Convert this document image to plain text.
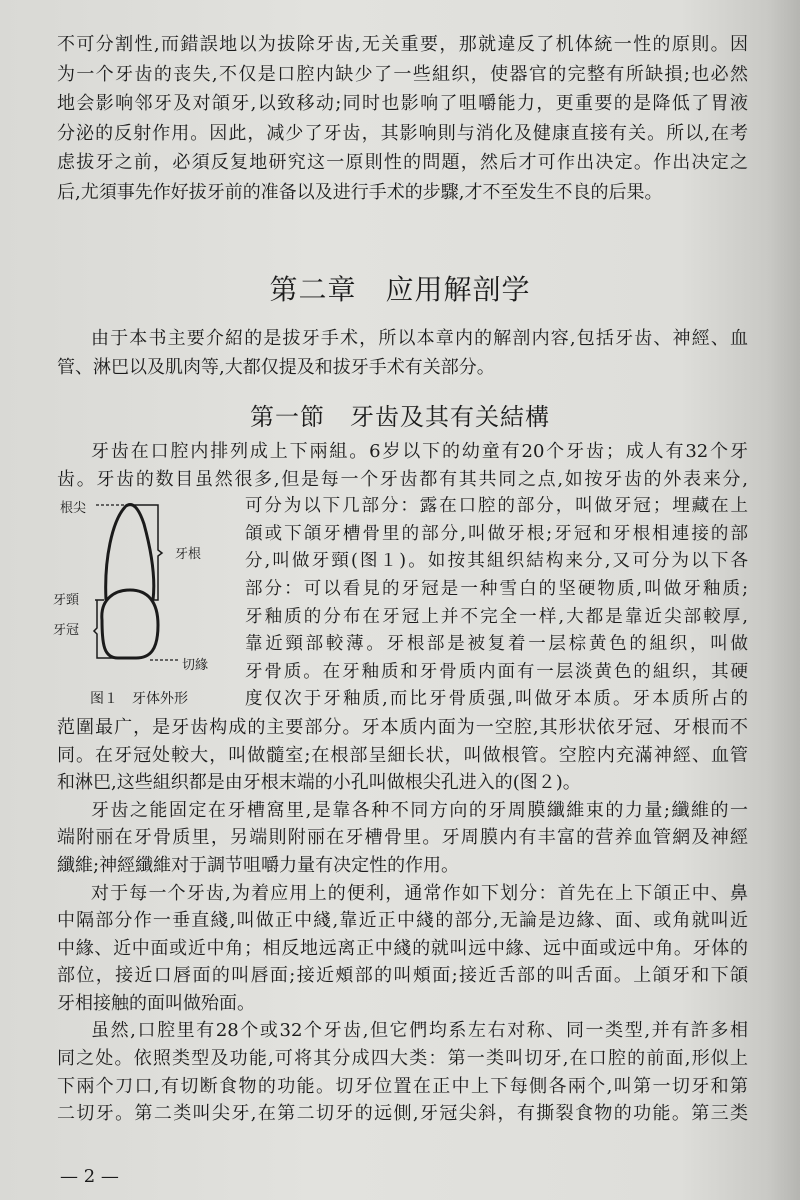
不可分割性,而錯誤地以为拔除牙齿,无关重要，那就違反了机体統一性的原則。因
为一个牙齿的丧失,不仅是口腔内缺少了一些組织，使器官的完整有所缺損;也必然
地会影响邻牙及对頜牙,以致移动;同时也影响了咀嚼能力，更重要的是降低了胃液
分泌的反射作用。因此，减少了牙齿，其影响則与消化及健康直接有关。所以,在考
虑拔牙之前，必須反复地研究这一原則性的問題，然后才可作出决定。作出决定之
后,尤須事先作好拔牙前的准备以及进行手术的步驟,才不至发生不良的后果。
第二章　应用解剖学
由于本书主要介紹的是拔牙手术，所以本章内的解剖内容,包括牙齿、神經、血
管、淋巴以及肌肉等,大都仅提及和拔牙手术有关部分。
第一節　牙齿及其有关結構
牙齿在口腔内排列成上下兩組。6岁以下的幼童有20个牙齿；成人有32个牙
齿。牙齿的数目虽然很多,但是每一个牙齿都有其共同之点,如按牙齿的外表来分,
可分为以下几部分：露在口腔的部分，叫做牙冠；埋藏在上
頜或下頜牙槽骨里的部分,叫做牙根;牙冠和牙根相連接的部
分,叫做牙頸(图１)。如按其組织結构来分,又可分为以下各
部分：可以看見的牙冠是一种雪白的坚硬物质,叫做牙釉质;
牙釉质的分布在牙冠上并不完全一样,大都是靠近尖部較厚,
靠近頸部較薄。牙根部是被复着一层棕黄色的組织，叫做
牙骨质。在牙釉质和牙骨质内面有一层淡黄色的組织，其硬
度仅次于牙釉质,而比牙骨质强,叫做牙本质。牙本质所占的
范圍最广，是牙齿构成的主要部分。牙本质内面为一空腔,其形状依牙冠、牙根而不
同。在牙冠处較大，叫做髓室;在根部呈細长状，叫做根管。空腔内充滿神經、血管
和淋巴,这些組织都是由牙根末端的小孔叫做根尖孔进入的(图２)。
牙齿之能固定在牙槽窩里,是靠各种不同方向的牙周膜纖維束的力量;纖維的一
端附丽在牙骨质里，另端則附丽在牙槽骨里。牙周膜内有丰富的营养血管網及神經
纖維;神經纖維对于調节咀嚼力量有决定性的作用。
对于每一个牙齿,为着应用上的便利，通常作如下划分：首先在上下頜正中、鼻
中隔部分作一垂直綫,叫做正中綫,靠近正中綫的部分,无論是边緣、面、或角就叫近
中緣、近中面或近中角；相反地远离正中綫的就叫远中緣、远中面或远中角。牙体的
部位，接近口唇面的叫唇面;接近頰部的叫頰面;接近舌部的叫舌面。上頜牙和下頜
牙相接触的面叫做殆面。
虽然,口腔里有28个或32个牙齿,但它們均系左右对称、同一类型,并有許多相
同之处。依照类型及功能,可将其分成四大类：第一类叫切牙,在口腔的前面,形似上
下兩个刀口,有切断食物的功能。切牙位置在正中上下每側各兩个,叫第一切牙和第
二切牙。第二类叫尖牙,在第二切牙的远側,牙冠尖斜，有撕裂食物的功能。第三类
根尖
牙根
牙頸
牙冠
切緣
图１　牙体外形
— 2 —
